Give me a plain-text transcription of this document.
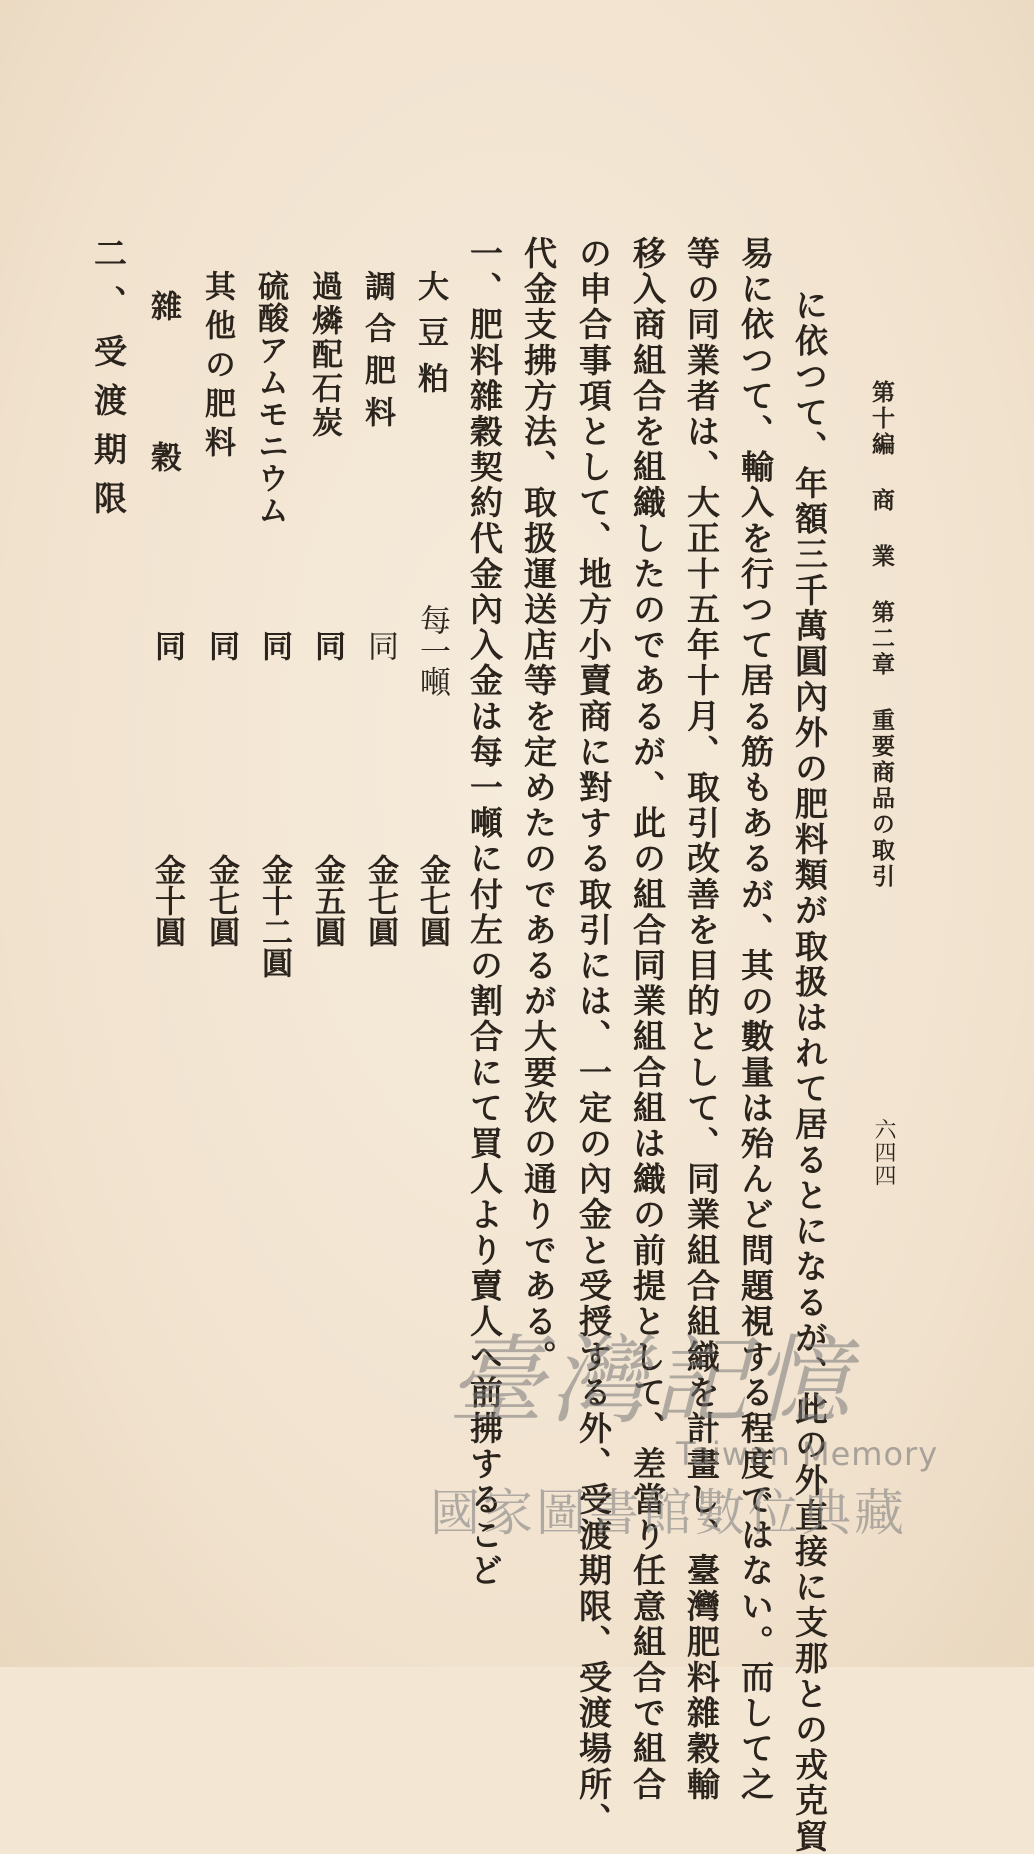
第十編 商 業 第二章 重要商品の取引
六四四
に依つて、年額三千萬圓內外の肥料類が取扱はれて居るとになるが、此の外直接に支那との戎克貿
易に依つて、輸入を行つて居る筋もあるが、其の數量は殆んど問題視する程度ではない。而して之
等の同業者は、大正十五年十月、取引改善を目的として、同業組合組織を計畫し、臺灣肥料雜穀輸
移入商組合を組織したのであるが、此の組合同業組合組は織の前提として、差當り任意組合で組合
の申合事項として、地方小賣商に對する取引には、一定の內金と受授する外、受渡期限、受渡場所、
代金支拂方法、取扱運送店等を定めたのであるが大要次の通りである。
一、肥料雜穀契約代金內入金は每一噸に付左の割合にて買人より賣人へ前拂するこど
大豆粕
每一噸
金七圓
調合肥料
同
金七圓
過燐配石炭
同
金五圓
硫酸アムモニウム
同
金十二圓
其他の肥料
同
金七圓
雜穀
同
金十圓
二、受渡期限
臺灣記憶
Taiwan Memory
國家圖書館數位典藏
